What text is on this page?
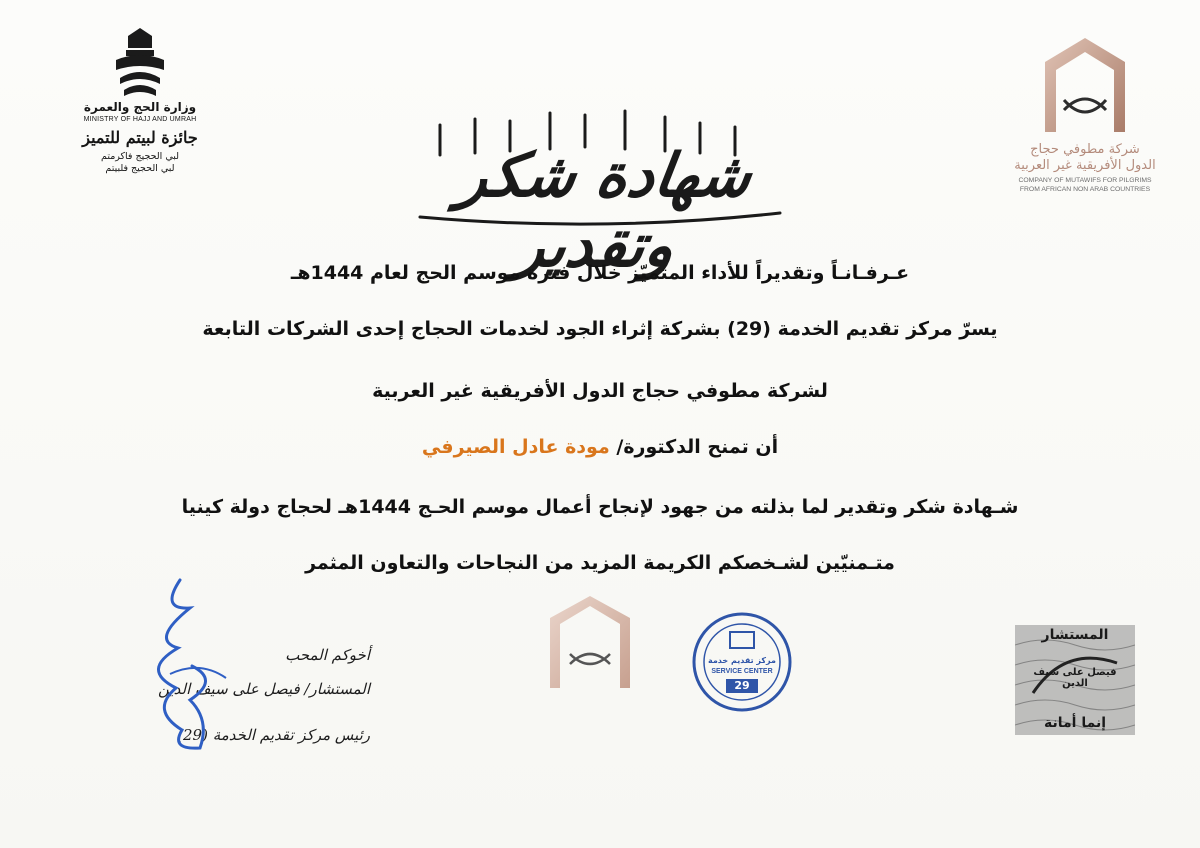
وزارة الحج والعمرة
MINISTRY OF HAJJ AND UMRAH
جائزة لبيتم للتميز
لبي الحجيج فاكرمتم
لبي الحجيج فلبيتم
شركة مطوفي حجاج
الدول الأفريقية غير العربية
COMPANY OF MUTAWIFS FOR PILGRIMS
FROM AFRICAN NON ARAB COUNTRIES
شهادة شكر وتقدير
عـرفـانـاً وتقديراً للأداء المتميّز خلال فترة موسم الحج لعام 1444هـ
يسرّ مركز تقديم الخدمة (29) بشركة إثراء الجود لخدمات الحجاج إحدى الشركات التابعة
لشركة مطوفي حجاج الدول الأفريقية غير العربية
أن تمنح الدكتورة/ مودة عادل الصيرفي
شـهادة شكر وتقدير لما بذلته من جهود لإنجاح أعمال موسم الحـج 1444هـ لحجاج دولة كينيا
متـمنيّين لشـخصكم الكريمة المزيد من النجاحات والتعاون المثمر
مركز تقديم خدمة
SERVICE CENTER
29
المستشار
فيصل على سيف الدين
إنما أمانة
أخوكم المحب
المستشار/ فيصل على سيف الدين
رئيس مركز تقديم الخدمة (29)
